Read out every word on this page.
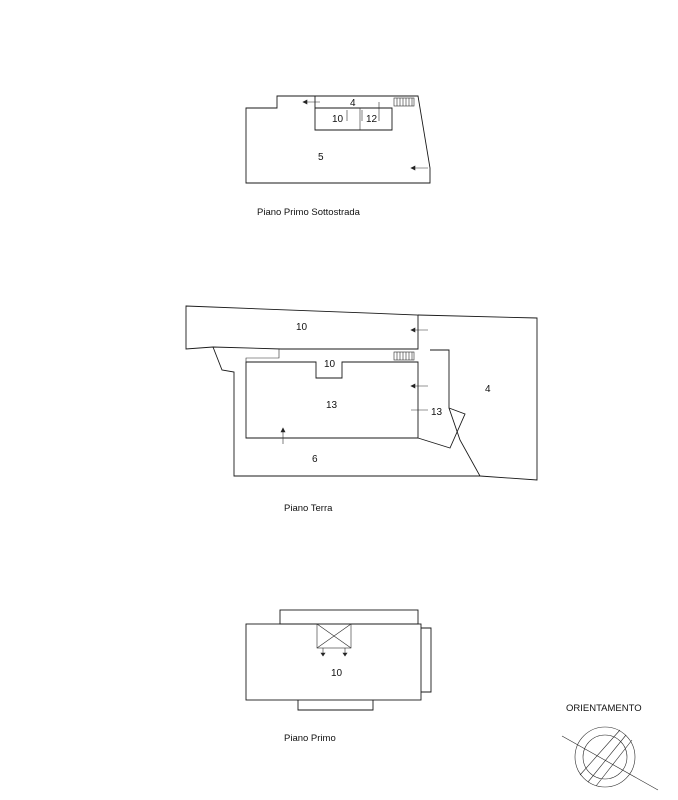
4
10 12
5
Piano Primo Sottostrada
10
10
13
13
4
6
Piano Terra
10
Piano Primo
ORIENTAMENTO
